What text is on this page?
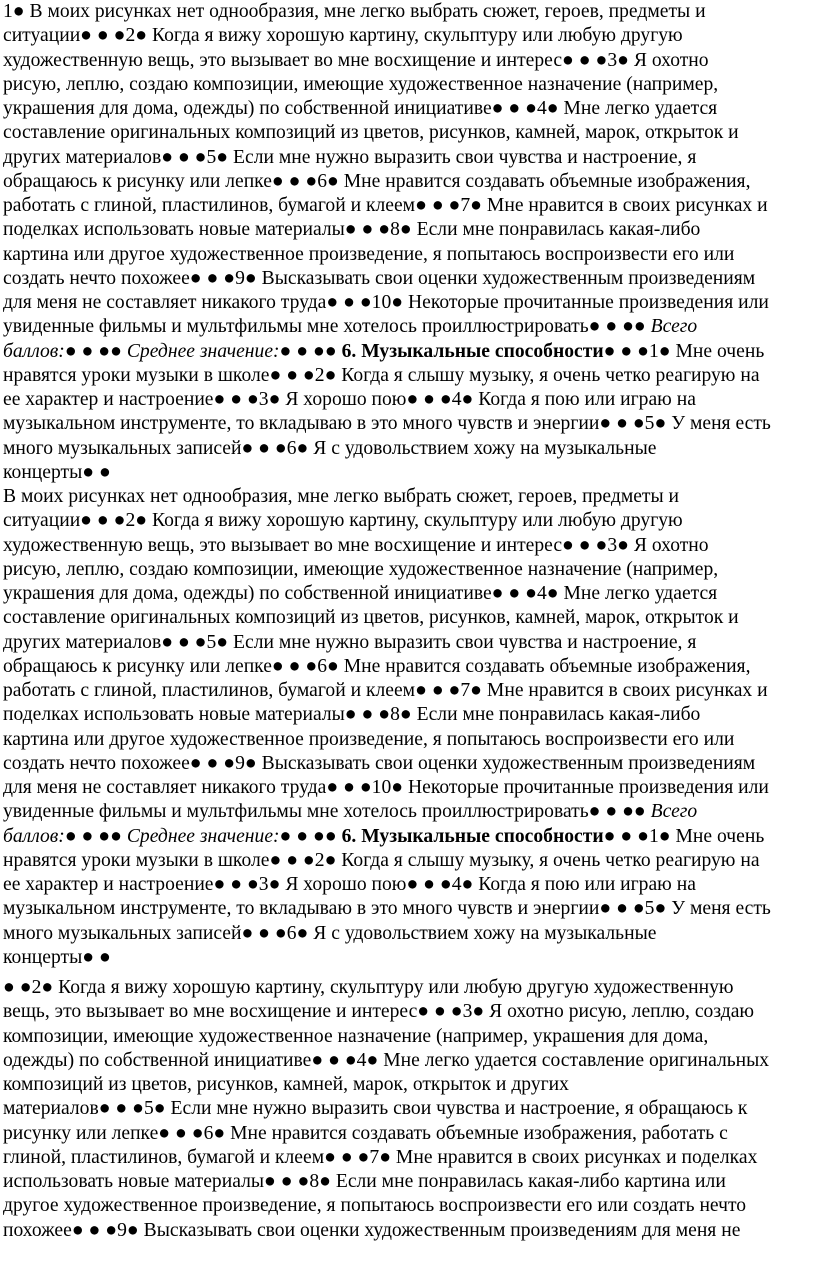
1● В моих рисунках нет однообразия, мне легко выбрать сюжет, героев, предметы и
ситуации● ● ●2● Когда я вижу хорошую картину, скульптуру или любую другую
художественную вещь, это вызывает во мне восхищение и интерес● ● ●3● Я охотно
рисую, леплю, создаю композиции, имеющие художественное назначение (например,
украшения для дома, одежды) по собственной инициативе● ● ●4● Мне легко удается
составление оригинальных композиций из цветов, рисунков, камней, марок, открыток и
других материалов● ● ●5● Если мне нужно выразить свои чувства и настроение, я
обращаюсь к рисунку или лепке● ● ●6● Мне нравится создавать объемные изображения,
работать с глиной, пластилинов, бумагой и клеем● ● ●7● Мне нравится в своих рисунках и
поделках использовать новые материалы● ● ●8● Если мне понравилась какая-либо
картина или другое художественное произведение, я попытаюсь воспроизвести его или
создать нечто похожее● ● ●9● Высказывать свои оценки художественным произведениям
для меня не составляет никакого труда● ● ●10● Некоторые прочитанные произведения или
увиденные фильмы и мультфильмы мне хотелось проиллюстрировать● ● ●● Всего
баллов:● ● ●● Среднее значение:● ● ●● 6. Музыкальные способности● ● ●1● Мне очень
нравятся уроки музыки в школе● ● ●2● Когда я слышу музыку, я очень четко реагирую на
ее характер и настроение● ● ●3● Я хорошо пою● ● ●4● Когда я пою или играю на
музыкальном инструменте, то вкладываю в это много чувств и энергии● ● ●5● У меня есть
много музыкальных записей● ● ●6● Я с удовольствием хожу на музыкальные
концерты● ●

В моих рисунках нет однообразия, мне легко выбрать сюжет, героев, предметы и
ситуации● ● ●2● Когда я вижу хорошую картину, скульптуру или любую другую
художественную вещь, это вызывает во мне восхищение и интерес● ● ●3● Я охотно
рисую, леплю, создаю композиции, имеющие художественное назначение (например,
украшения для дома, одежды) по собственной инициативе● ● ●4● Мне легко удается
составление оригинальных композиций из цветов, рисунков, камней, марок, открыток и
других материалов● ● ●5● Если мне нужно выразить свои чувства и настроение, я
обращаюсь к рисунку или лепке● ● ●6● Мне нравится создавать объемные изображения,
работать с глиной, пластилинов, бумагой и клеем● ● ●7● Мне нравится в своих рисунках и
поделках использовать новые материалы● ● ●8● Если мне понравилась какая-либо
картина или другое художественное произведение, я попытаюсь воспроизвести его или
создать нечто похожее● ● ●9● Высказывать свои оценки художественным произведениям
для меня не составляет никакого труда● ● ●10● Некоторые прочитанные произведения или
увиденные фильмы и мультфильмы мне хотелось проиллюстрировать● ● ●● Всего
баллов:● ● ●● Среднее значение:● ● ●● 6. Музыкальные способности● ● ●1● Мне очень
нравятся уроки музыки в школе● ● ●2● Когда я слышу музыку, я очень четко реагирую на
ее характер и настроение● ● ●3● Я хорошо пою● ● ●4● Когда я пою или играю на
музыкальном инструменте, то вкладываю в это много чувств и энергии● ● ●5● У меня есть
много музыкальных записей● ● ●6● Я с удовольствием хожу на музыкальные
концерты● ●

● ●2● Когда я вижу хорошую картину, скульптуру или любую другую художественную
вещь, это вызывает во мне восхищение и интерес● ● ●3● Я охотно рисую, леплю, создаю
композиции, имеющие художественное назначение (например, украшения для дома,
одежды) по собственной инициативе● ● ●4● Мне легко удается составление оригинальных
композиций из цветов, рисунков, камней, марок, открыток и других
материалов● ● ●5● Если мне нужно выразить свои чувства и настроение, я обращаюсь к
рисунку или лепке● ● ●6● Мне нравится создавать объемные изображения, работать с
глиной, пластилинов, бумагой и клеем● ● ●7● Мне нравится в своих рисунках и поделках
использовать новые материалы● ● ●8● Если мне понравилась какая-либо картина или
другое художественное произведение, я попытаюсь воспроизвести его или создать нечто
похожее● ● ●9● Высказывать свои оценки художественным произведениям для меня не
